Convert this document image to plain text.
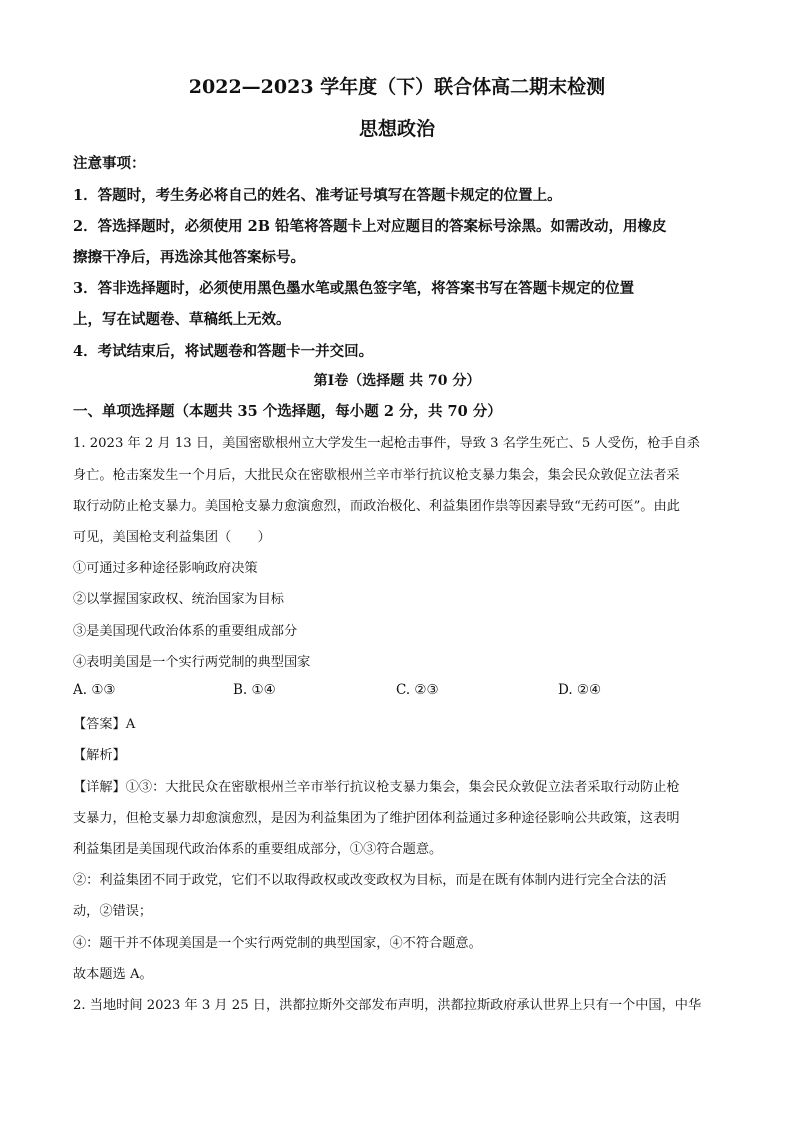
2022—2023 学年度（下）联合体高二期末检测
思想政治
注意事项：
1．答题时，考生务必将自己的姓名、准考证号填写在答题卡规定的位置上。
2．答选择题时，必须使用 2B 铅笔将答题卡上对应题目的答案标号涂黑。如需改动，用橡皮
擦擦干净后，再选涂其他答案标号。
3．答非选择题时，必须使用黑色墨水笔或黑色签字笔，将答案书写在答题卡规定的位置
上，写在试题卷、草稿纸上无效。
4．考试结束后，将试题卷和答题卡一并交回。
第Ⅰ卷（选择题 共 70 分）
一、单项选择题（本题共 35 个选择题，每小题 2 分，共 70 分）
1. 2023 年 2 月 13 日，美国密歇根州立大学发生一起枪击事件，导致 3 名学生死亡、5 人受伤，枪手自杀
身亡。枪击案发生一个月后，大批民众在密歇根州兰辛市举行抗议枪支暴力集会，集会民众敦促立法者采
取行动防止枪支暴力。美国枪支暴力愈演愈烈，而政治极化、利益集团作祟等因素导致“无药可医”。由此
可见，美国枪支利益集团（　　）
①可通过多种途径影响政府决策
②以掌握国家政权、统治国家为目标
③是美国现代政治体系的重要组成部分
④表明美国是一个实行两党制的典型国家
A. ①③	B. ①④	C. ②③	D. ②④
【答案】A
【解析】
【详解】①③：大批民众在密歇根州兰辛市举行抗议枪支暴力集会，集会民众敦促立法者采取行动防止枪
支暴力，但枪支暴力却愈演愈烈，是因为利益集团为了维护团体利益通过多种途径影响公共政策，这表明
利益集团是美国现代政治体系的重要组成部分，①③符合题意。
②：利益集团不同于政党，它们不以取得政权或改变政权为目标，而是在既有体制内进行完全合法的活
动，②错误；
④：题干并不体现美国是一个实行两党制的典型国家，④不符合题意。
故本题选 A。
2. 当地时间 2023 年 3 月 25 日，洪都拉斯外交部发布声明，洪都拉斯政府承认世界上只有一个中国，中华
